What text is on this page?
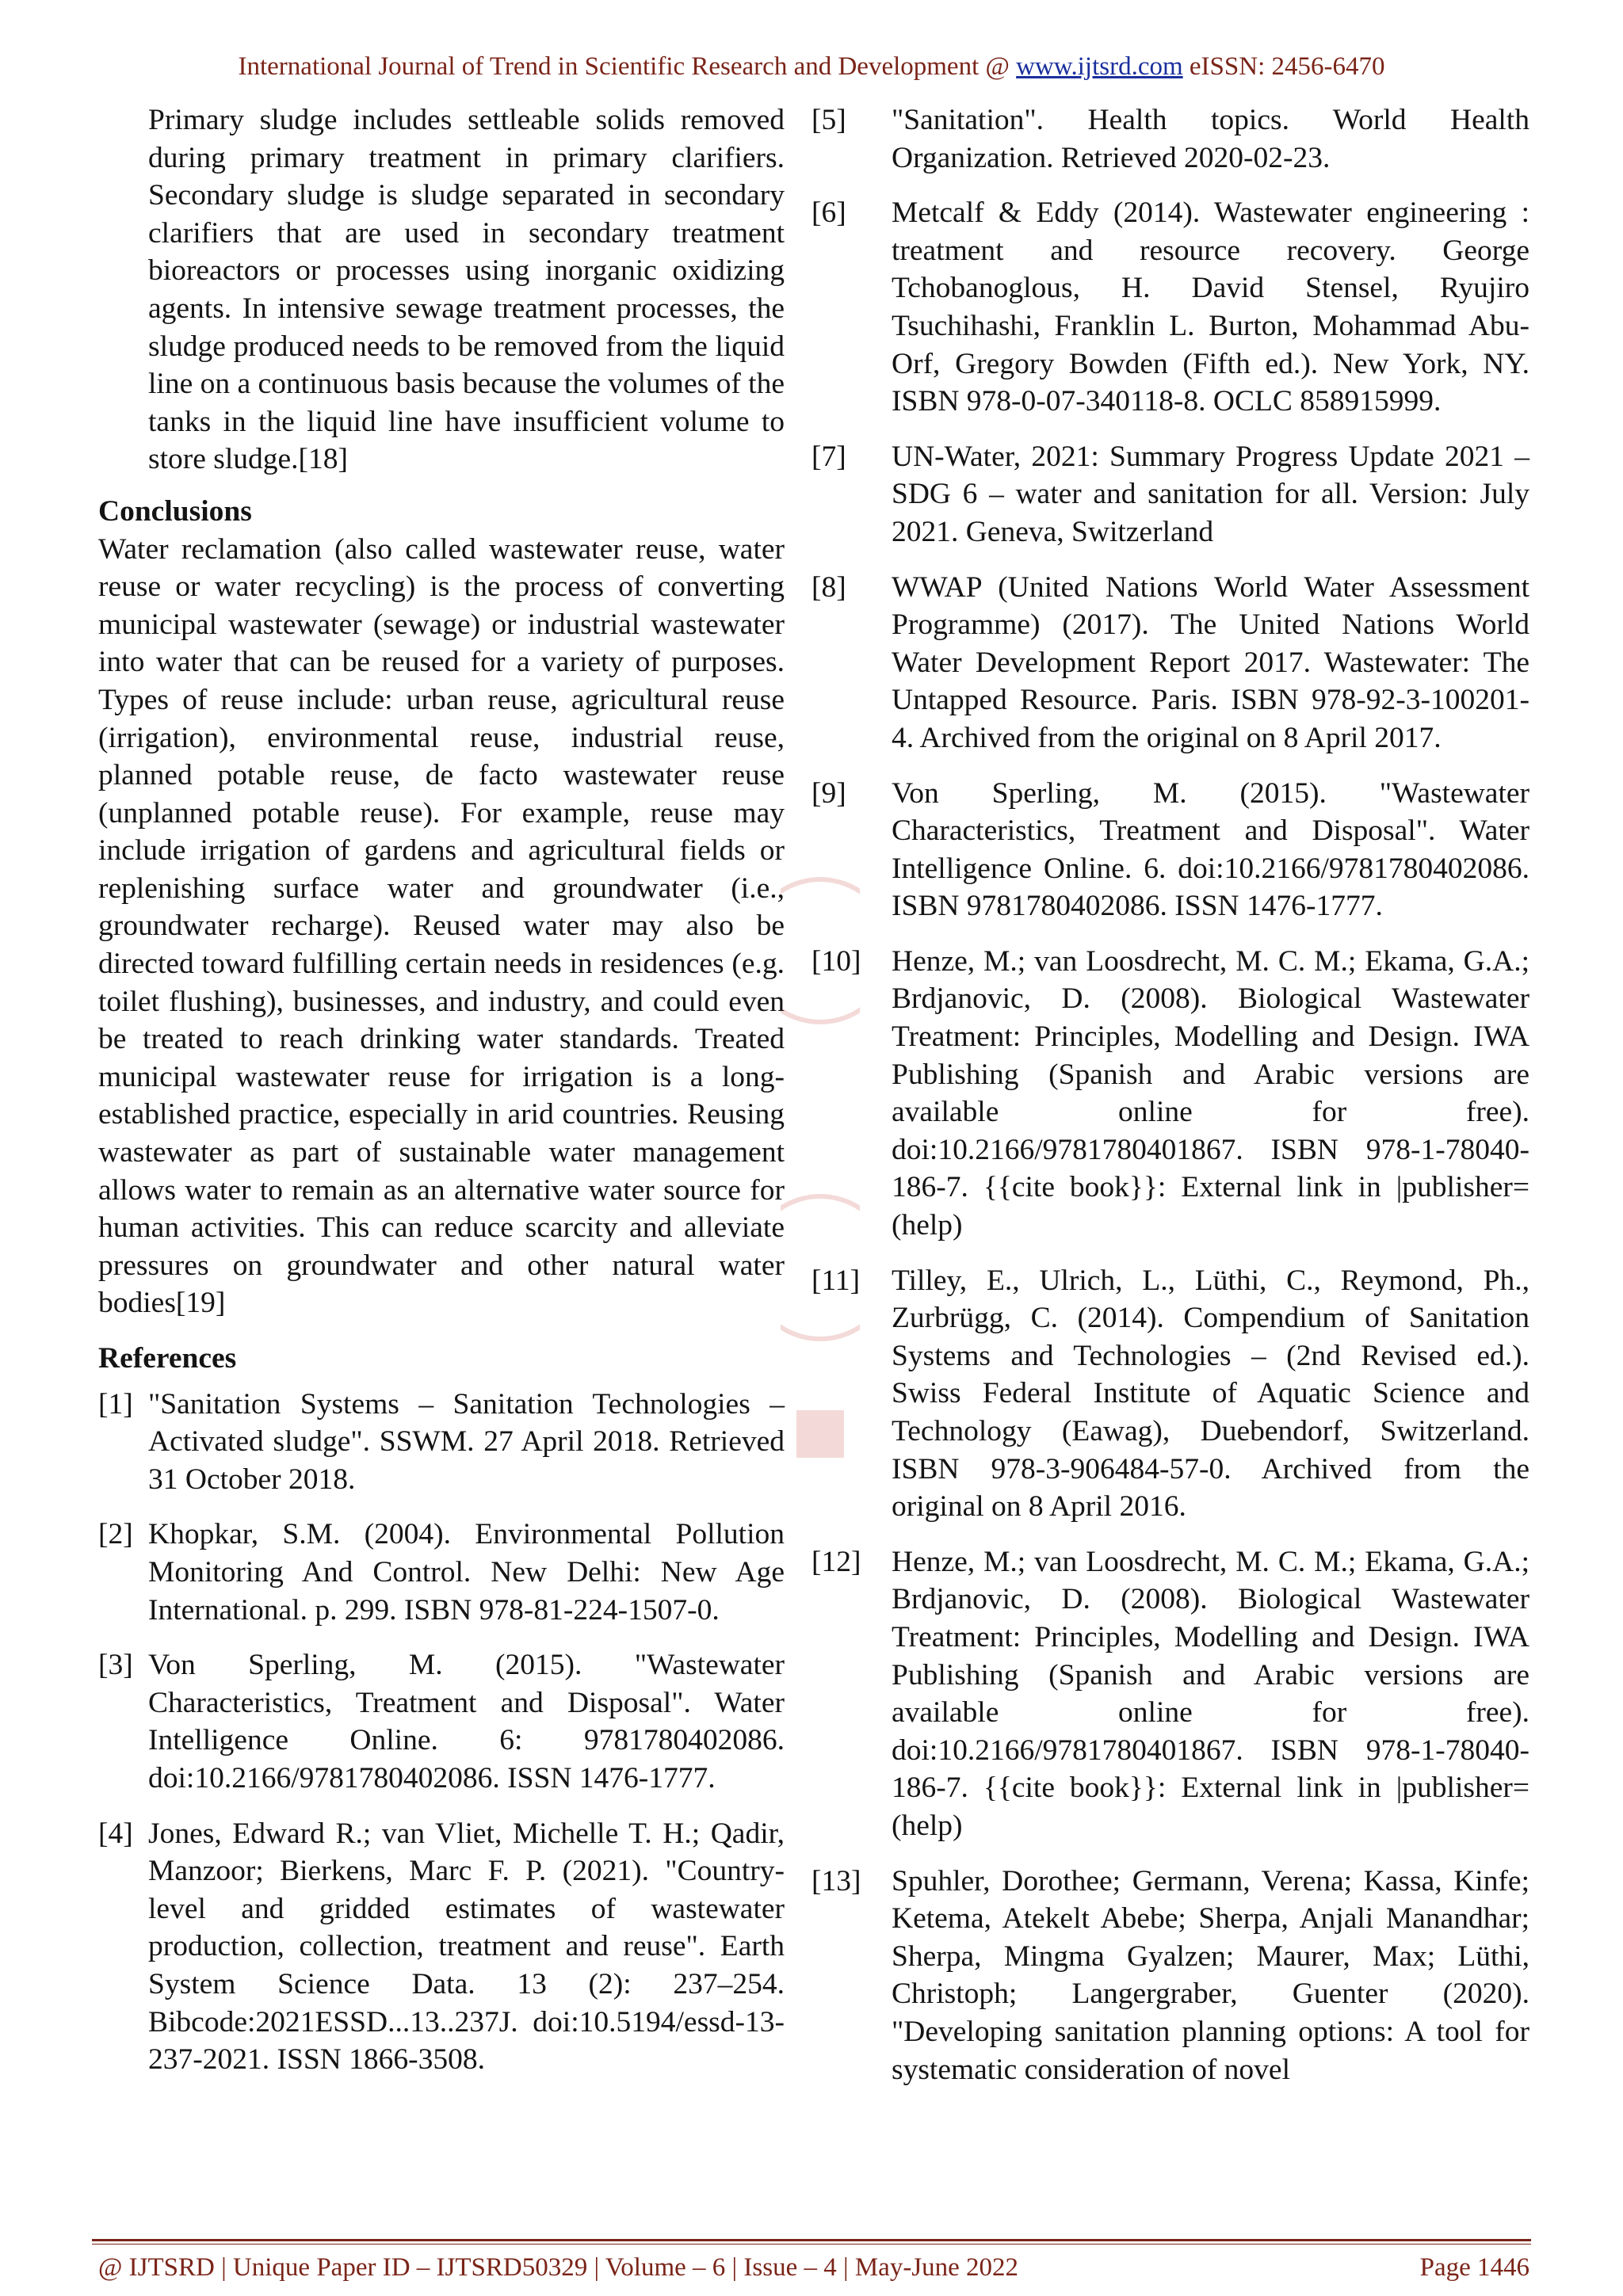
International Journal of Trend in Scientific Research and Development @ www.ijtsrd.com eISSN: 2456-6470

Primary sludge includes settleable solids removed during primary treatment in primary clarifiers. Secondary sludge is sludge separated in secondary clarifiers that are used in secondary treatment bioreactors or processes using inorganic oxidizing agents. In intensive sewage treatment processes, the sludge produced needs to be removed from the liquid line on a continuous basis because the volumes of the tanks in the liquid line have insufficient volume to store sludge.[18]

Conclusions

Water reclamation (also called wastewater reuse, water reuse or water recycling) is the process of converting municipal wastewater (sewage) or industrial wastewater into water that can be reused for a variety of purposes. Types of reuse include: urban reuse, agricultural reuse (irrigation), environmental reuse, industrial reuse, planned potable reuse, de facto wastewater reuse (unplanned potable reuse). For example, reuse may include irrigation of gardens and agricultural fields or replenishing surface water and groundwater (i.e., groundwater recharge). Reused water may also be directed toward fulfilling certain needs in residences (e.g. toilet flushing), businesses, and industry, and could even be treated to reach drinking water standards. Treated municipal wastewater reuse for irrigation is a long-established practice, especially in arid countries. Reusing wastewater as part of sustainable water management allows water to remain as an alternative water source for human activities. This can reduce scarcity and alleviate pressures on groundwater and other natural water bodies[19]

References
[1] "Sanitation Systems – Sanitation Technologies – Activated sludge". SSWM. 27 April 2018. Retrieved 31 October 2018.
[2] Khopkar, S.M. (2004). Environmental Pollution Monitoring And Control. New Delhi: New Age International. p. 299. ISBN 978-81-224-1507-0.
[3] Von Sperling, M. (2015). "Wastewater Characteristics, Treatment and Disposal". Water Intelligence Online. 6: 9781780402086. doi:10.2166/9781780402086. ISSN 1476-1777.
[4] Jones, Edward R.; van Vliet, Michelle T. H.; Qadir, Manzoor; Bierkens, Marc F. P. (2021). "Country-level and gridded estimates of wastewater production, collection, treatment and reuse". Earth System Science Data. 13 (2): 237–254. Bibcode:2021ESSD...13..237J. doi:10.5194/essd-13-237-2021. ISSN 1866-3508.
[5]	"Sanitation". Health topics. World Health Organization. Retrieved 2020-02-23.
[6]	Metcalf & Eddy (2014). Wastewater engineering : treatment and resource recovery. George Tchobanoglous, H. David Stensel, Ryujiro Tsuchihashi, Franklin L. Burton, Mohammad Abu-Orf, Gregory Bowden (Fifth ed.). New York, NY. ISBN 978-0-07-340118-8. OCLC 858915999.
[7]	UN-Water, 2021: Summary Progress Update 2021 – SDG 6 – water and sanitation for all. Version: July 2021. Geneva, Switzerland
[8]	WWAP (United Nations World Water Assessment Programme) (2017). The United Nations World Water Development Report 2017. Wastewater: The Untapped Resource. Paris. ISBN 978-92-3-100201-4. Archived from the original on 8 April 2017.
[9]	Von Sperling, M. (2015). "Wastewater Characteristics, Treatment and Disposal". Water Intelligence Online. 6. doi:10.2166/9781780402086. ISBN 9781780402086. ISSN 1476-1777.
[10]	Henze, M.; van Loosdrecht, M. C. M.; Ekama, G.A.; Brdjanovic, D. (2008). Biological Wastewater Treatment: Principles, Modelling and Design. IWA Publishing (Spanish and Arabic versions are available online for free). doi:10.2166/9781780401867. ISBN 978-1-78040-186-7. {{cite book}}: External link in |publisher= (help)
[11]	Tilley, E., Ulrich, L., Lüthi, C., Reymond, Ph., Zurbrügg, C. (2014). Compendium of Sanitation Systems and Technologies – (2nd Revised ed.). Swiss Federal Institute of Aquatic Science and Technology (Eawag), Duebendorf, Switzerland. ISBN 978-3-906484-57-0. Archived from the original on 8 April 2016.
[12]	Henze, M.; van Loosdrecht, M. C. M.; Ekama, G.A.; Brdjanovic, D. (2008). Biological Wastewater Treatment: Principles, Modelling and Design. IWA Publishing (Spanish and Arabic versions are available online for free). doi:10.2166/9781780401867. ISBN 978-1-78040-186-7. {{cite book}}: External link in |publisher= (help)
[13]	Spuhler, Dorothee; Germann, Verena; Kassa, Kinfe; Ketema, Atekelt Abebe; Sherpa, Anjali Manandhar; Sherpa, Mingma Gyalzen; Maurer, Max; Lüthi, Christoph; Langergraber, Guenter (2020). "Developing sanitation planning options: A tool for systematic consideration of novel
@ IJTSRD | Unique Paper ID – IJTSRD50329 | Volume – 6 | Issue – 4 | May-June 2022	Page 1446
